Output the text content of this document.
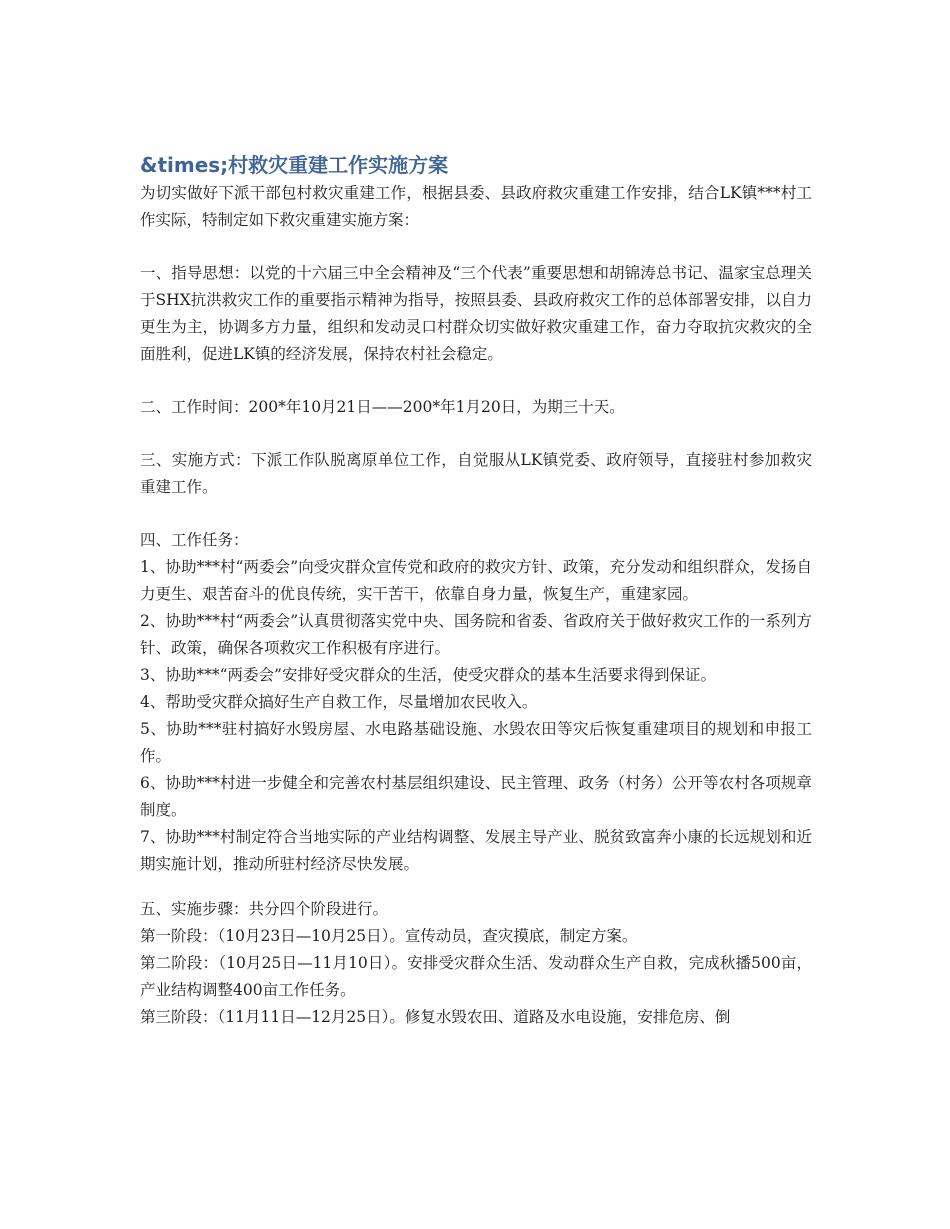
&times;村救灾重建工作实施方案

为切实做好下派干部包村救灾重建工作，根据县委、县政府救灾重建工作安排，结合LK镇***村工作实际，特制定如下救灾重建实施方案：

一、指导思想：以党的十六届三中全会精神及“三个代表”重要思想和胡锦涛总书记、温家宝总理关于SHX抗洪救灾工作的重要指示精神为指导，按照县委、县政府救灾工作的总体部署安排，以自力更生为主，协调多方力量，组织和发动灵口村群众切实做好救灾重建工作，奋力夺取抗灾救灾的全面胜利，促进LK镇的经济发展，保持农村社会稳定。

二、工作时间：200*年10月21日——200*年1月20日，为期三十天。

三、实施方式：下派工作队脱离原单位工作，自觉服从LK镇党委、政府领导，直接驻村参加救灾重建工作。

四、工作任务：

1、协助***村“两委会”向受灾群众宣传党和政府的救灾方针、政策，充分发动和组织群众，发扬自力更生、艰苦奋斗的优良传统，实干苦干，依靠自身力量，恢复生产，重建家园。

2、协助***村“两委会”认真贯彻落实党中央、国务院和省委、省政府关于做好救灾工作的一系列方针、政策，确保各项救灾工作积极有序进行。

3、协助***“两委会”安排好受灾群众的生活，使受灾群众的基本生活要求得到保证。

4、帮助受灾群众搞好生产自救工作，尽量增加农民收入。

5、协助***驻村搞好水毁房屋、水电路基础设施、水毁农田等灾后恢复重建项目的规划和申报工作。

6、协助***村进一步健全和完善农村基层组织建设、民主管理、政务（村务）公开等农村各项规章制度。

7、协助***村制定符合当地实际的产业结构调整、发展主导产业、脱贫致富奔小康的长远规划和近期实施计划，推动所驻村经济尽快发展。

五、实施步骤：共分四个阶段进行。

第一阶段：（10月23日—10月25日）。宣传动员，查灾摸底，制定方案。

第二阶段：（10月25日—11月10日）。安排受灾群众生活、发动群众生产自救，完成秋播500亩，产业结构调整400亩工作任务。

第三阶段：（11月11日—12月25日）。修复水毁农田、道路及水电设施，安排危房、倒
